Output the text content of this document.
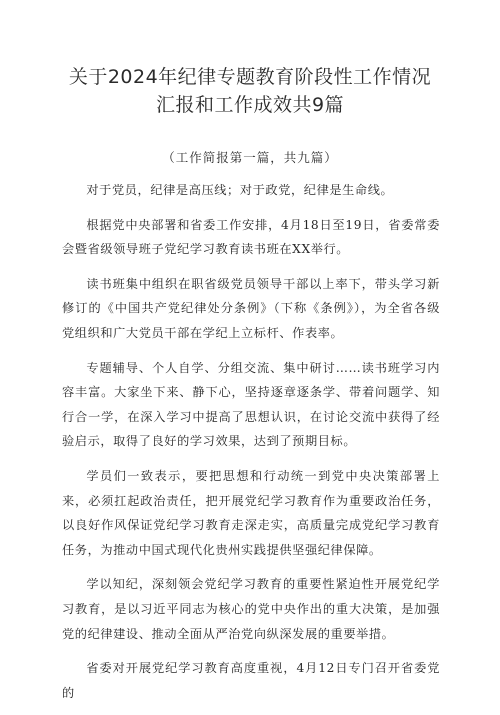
关于2024年纪律专题教育阶段性工作情况
汇报和工作成效共9篇
（工作简报第一篇，共九篇）

对于党员，纪律是高压线；对于政党，纪律是生命线。

根据党中央部署和省委工作安排，4月18日至19日，省委常委会暨省级领导班子党纪学习教育读书班在XX举行。

读书班集中组织在职省级党员领导干部以上率下，带头学习新修订的《中国共产党纪律处分条例》（下称《条例》），为全省各级党组织和广大党员干部在学纪上立标杆、作表率。

专题辅导、个人自学、分组交流、集中研讨……读书班学习内容丰富。大家坐下来、静下心，坚持逐章逐条学、带着问题学、知行合一学，在深入学习中提高了思想认识，在讨论交流中获得了经验启示，取得了良好的学习效果，达到了预期目标。

学员们一致表示，要把思想和行动统一到党中央决策部署上来，必须扛起政治责任，把开展党纪学习教育作为重要政治任务，以良好作风保证党纪学习教育走深走实，高质量完成党纪学习教育任务，为推动中国式现代化贵州实践提供坚强纪律保障。

学以知纪，深刻领会党纪学习教育的重要性紧迫性开展党纪学习教育，是以习近平同志为核心的党中央作出的重大决策，是加强党的纪律建设、推动全面从严治党向纵深发展的重要举措。

省委对开展党纪学习教育高度重视，4月12日专门召开省委党的
